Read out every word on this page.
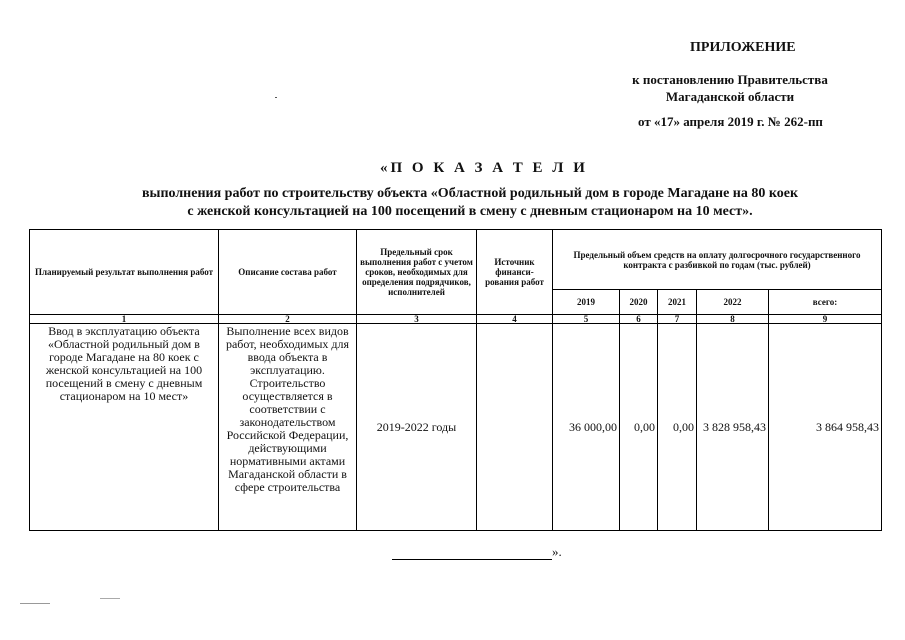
ПРИЛОЖЕНИЕ
к постановлению Правительства
Магаданской области
от «17» апреля 2019 г. № 262-пп
«П О К А З А Т Е Л И
выполнения работ по строительству объекта «Областной родильный дом в городе Магадане на 80 коек
с женской консультацией на 100 посещений в смену с дневным стационаром на 10 мест».
Планируемый результат выполнения работ	Описание состава работ	Предельный срок выполнения работ с учетом сроков, необходимых для определения подрядчиков, исполнителей	Источник финанси-рования работ	Предельный объем средств на оплату долгосрочного государственного контракта с разбивкой по годам (тыс. рублей)				
				2019	2020	2021	2022	всего:
1	2	3	4	5	6	7	8	9
Ввод в эксплуатацию объекта «Областной родильный дом в городе Магадане на 80 коек с женской консультацией на 100 посещений в смену с дневным стационаром на 10 мест»	Выполнение всех видов работ, необходимых для ввода объекта в эксплуатацию. Строительство осуществляется в соответствии с законодательством Российской Федерации, действующими нормативными актами Магаданской области в сфере строительства	2019-2022 годы		36 000,00	0,00	0,00	3 828 958,43	3 864 958,43
».
